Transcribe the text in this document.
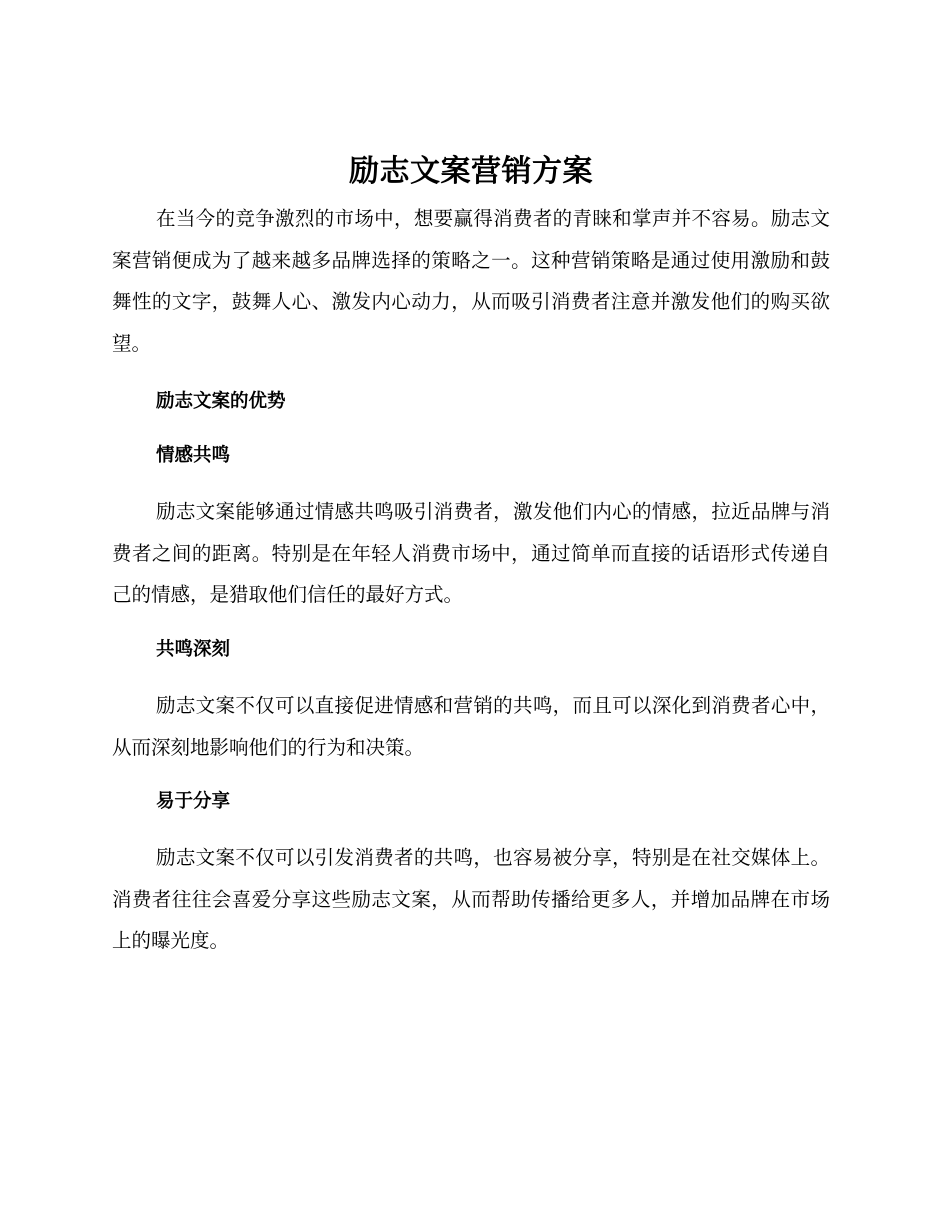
励志文案营销方案

在当今的竞争激烈的市场中，想要赢得消费者的青睐和掌声并不容易。励志文案营销便成为了越来越多品牌选择的策略之一。这种营销策略是通过使用激励和鼓舞性的文字，鼓舞人心、激发内心动力，从而吸引消费者注意并激发他们的购买欲望。

励志文案的优势
情感共鸣

励志文案能够通过情感共鸣吸引消费者，激发他们内心的情感，拉近品牌与消费者之间的距离。特别是在年轻人消费市场中，通过简单而直接的话语形式传递自己的情感，是猎取他们信任的最好方式。

共鸣深刻

励志文案不仅可以直接促进情感和营销的共鸣，而且可以深化到消费者心中，从而深刻地影响他们的行为和决策。

易于分享

励志文案不仅可以引发消费者的共鸣，也容易被分享，特别是在社交媒体上。消费者往往会喜爱分享这些励志文案，从而帮助传播给更多人，并增加品牌在市场上的曝光度。
